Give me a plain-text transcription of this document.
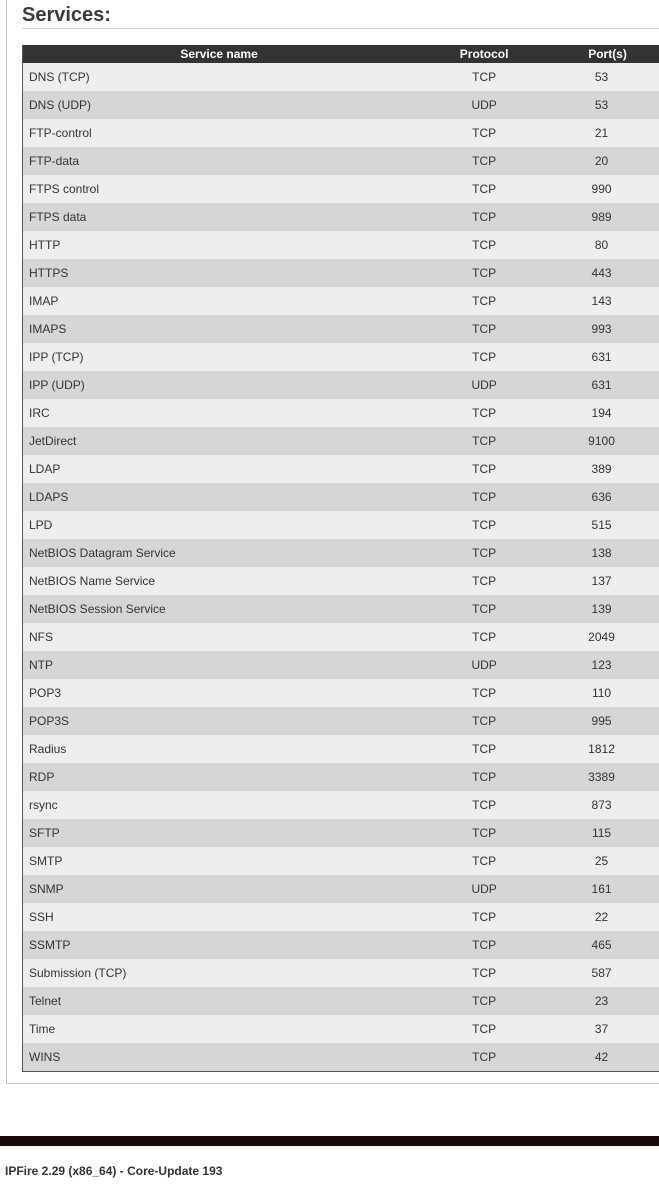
Services:
Service name	Protocol	Port(s)
DNS (TCP)	TCP	53
DNS (UDP)	UDP	53
FTP-control	TCP	21
FTP-data	TCP	20
FTPS control	TCP	990
FTPS data	TCP	989
HTTP	TCP	80
HTTPS	TCP	443
IMAP	TCP	143
IMAPS	TCP	993
IPP (TCP)	TCP	631
IPP (UDP)	UDP	631
IRC	TCP	194
JetDirect	TCP	9100
LDAP	TCP	389
LDAPS	TCP	636
LPD	TCP	515
NetBIOS Datagram Service	TCP	138
NetBIOS Name Service	TCP	137
NetBIOS Session Service	TCP	139
NFS	TCP	2049
NTP	UDP	123
POP3	TCP	110
POP3S	TCP	995
Radius	TCP	1812
RDP	TCP	3389
rsync	TCP	873
SFTP	TCP	115
SMTP	TCP	25
SNMP	UDP	161
SSH	TCP	22
SSMTP	TCP	465
Submission (TCP)	TCP	587
Telnet	TCP	23
Time	TCP	37
WINS	TCP	42
IPFire 2.29 (x86_64) - Core-Update 193
